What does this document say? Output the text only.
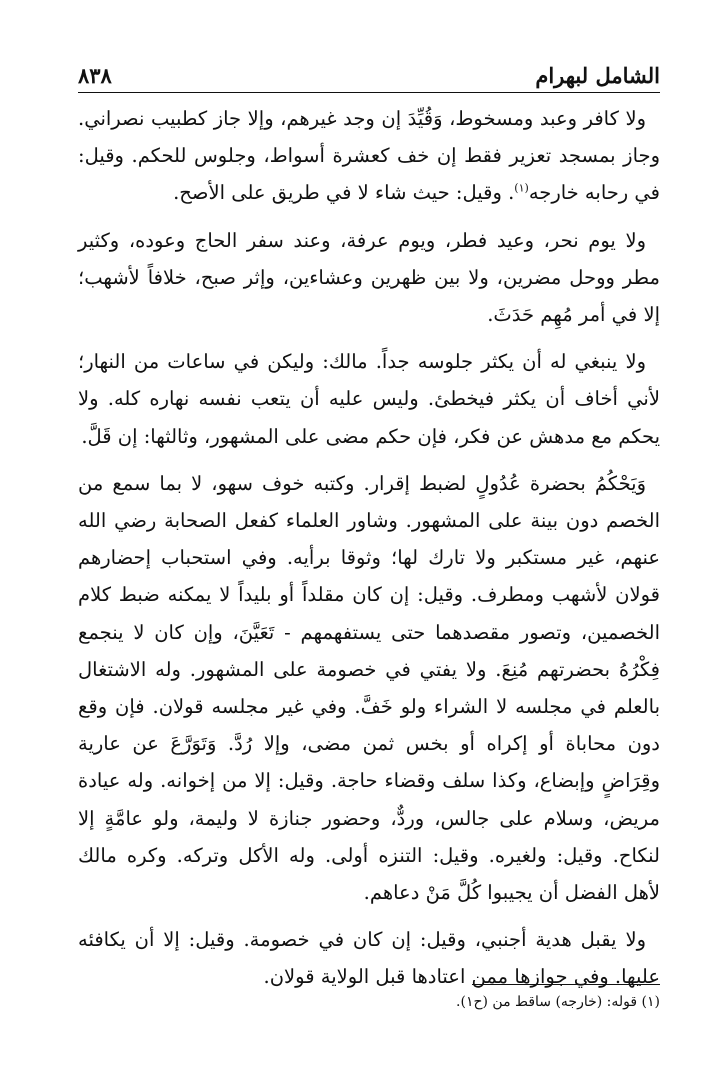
الشامل لبهرام
٨٣٨

ولا كافر وعبد ومسخوط، وَقُيِّدَ إن وجد غيرهم، وإلا جاز كطبيب نصراني. وجاز بمسجد تعزير فقط إن خف كعشرة أسواط، وجلوس للحكم. وقيل: في رحابه خارجه$^{(١)}$. وقيل: حيث شاء لا في طريق على الأصح.

ولا يوم نحر، وعيد فطر، ويوم عرفة، وعند سفر الحاج وعوده، وكثير مطر ووحل مضرين، ولا بين ظهرين وعشاءين، وإثر صبح، خلافاً لأشهب؛ إلا في أمر مُهِم حَدَثَ.

ولا ينبغي له أن يكثر جلوسه جداً. مالك: وليكن في ساعات من النهار؛ لأني أخاف أن يكثر فيخطئ. وليس عليه أن يتعب نفسه نهاره كله. ولا يحكم مع مدهش عن فكر، فإن حكم مضى على المشهور، وثالثها: إن قَلَّ.

وَيَحْكُمُ بحضرة عُدُولٍ لضبط إقرار. وكتبه خوف سهو، لا بما سمع من الخصم دون بينة على المشهور. وشاور العلماء كفعل الصحابة رضي الله عنهم، غير مستكبر ولا تارك لها؛ وثوقا برأيه. وفي استحباب إحضارهم قولان لأشهب ومطرف. وقيل: إن كان مقلداً أو بليداً لا يمكنه ضبط كلام الخصمين، وتصور مقصدهما حتى يستفهمهم - تَعَيَّنَ، وإن كان لا ينجمع فِكْرُهُ بحضرتهم مُنِعَ. ولا يفتي في خصومة على المشهور. وله الاشتغال بالعلم في مجلسه لا الشراء ولو خَفَّ. وفي غير مجلسه قولان. فإن وقع دون محاباة أو إكراه أو بخس ثمن مضى، وإلا رُدَّ. وَتَوَرَّعَ عن عارية وقِرَاضٍ وإبضاع، وكذا سلف وقضاء حاجة. وقيل: إلا من إخوانه. وله عيادة مريض، وسلام على جالس، وردٌّ، وحضور جنازة لا وليمة، ولو عامَّةٍ إلا لنكاح. وقيل: ولغيره. وقيل: التنزه أولى. وله الأكل وتركه. وكره مالك لأهل الفضل أن يجيبوا كُلَّ مَنْ دعاهم.

ولا يقبل هدية أجنبي، وقيل: إن كان في خصومة. وقيل: إلا أن يكافئه عليها. وفي جوازها ممن اعتادها قبل الولاية قولان.

(١) قوله: (خارجه) ساقط من (ح١).
